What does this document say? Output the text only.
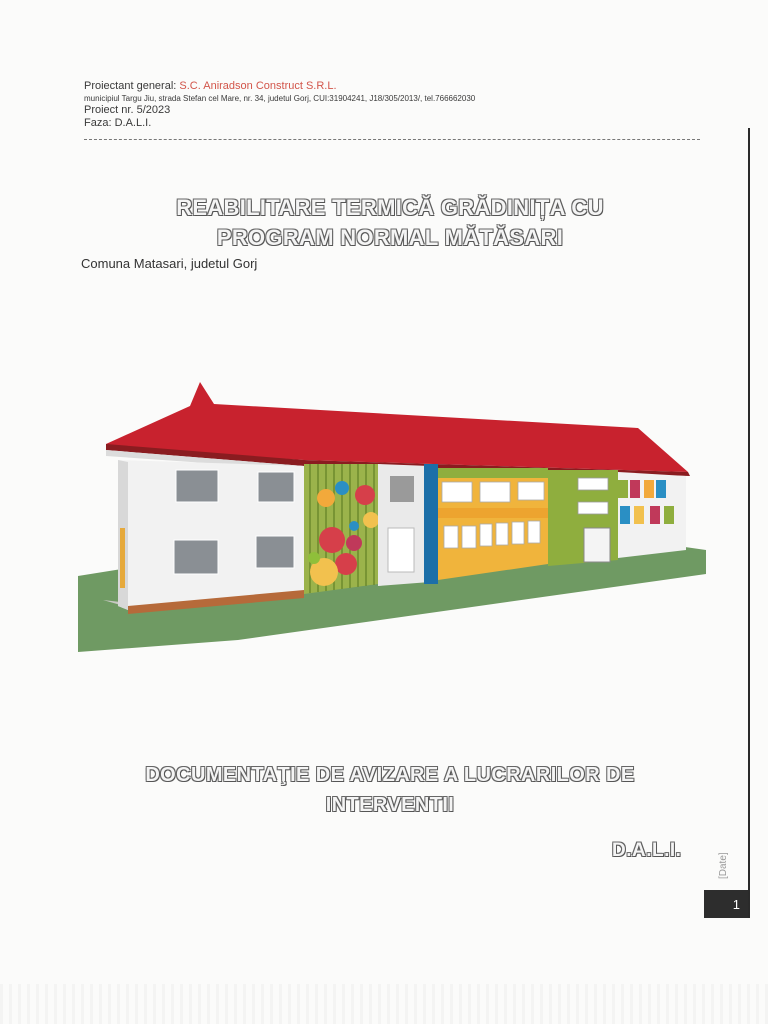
Proiectant general: S.C. Aniradson Construct S.R.L.
municipiul Targu Jiu, strada Stefan cel Mare, nr. 34, judetul Gorj, CUI:31904241, J18/305/2013/, tel.766662030
Proiect nr. 5/2023
Faza: D.A.L.I.
REABILITARE TERMICĂ GRĂDINIȚA CU
PROGRAM NORMAL MĂTĂSARI
Comuna Matasari, judetul Gorj
DOCUMENTAŢIE DE AVIZARE A LUCRARILOR DE
INTERVENTII
D.A.L.I.
[Date]
1
